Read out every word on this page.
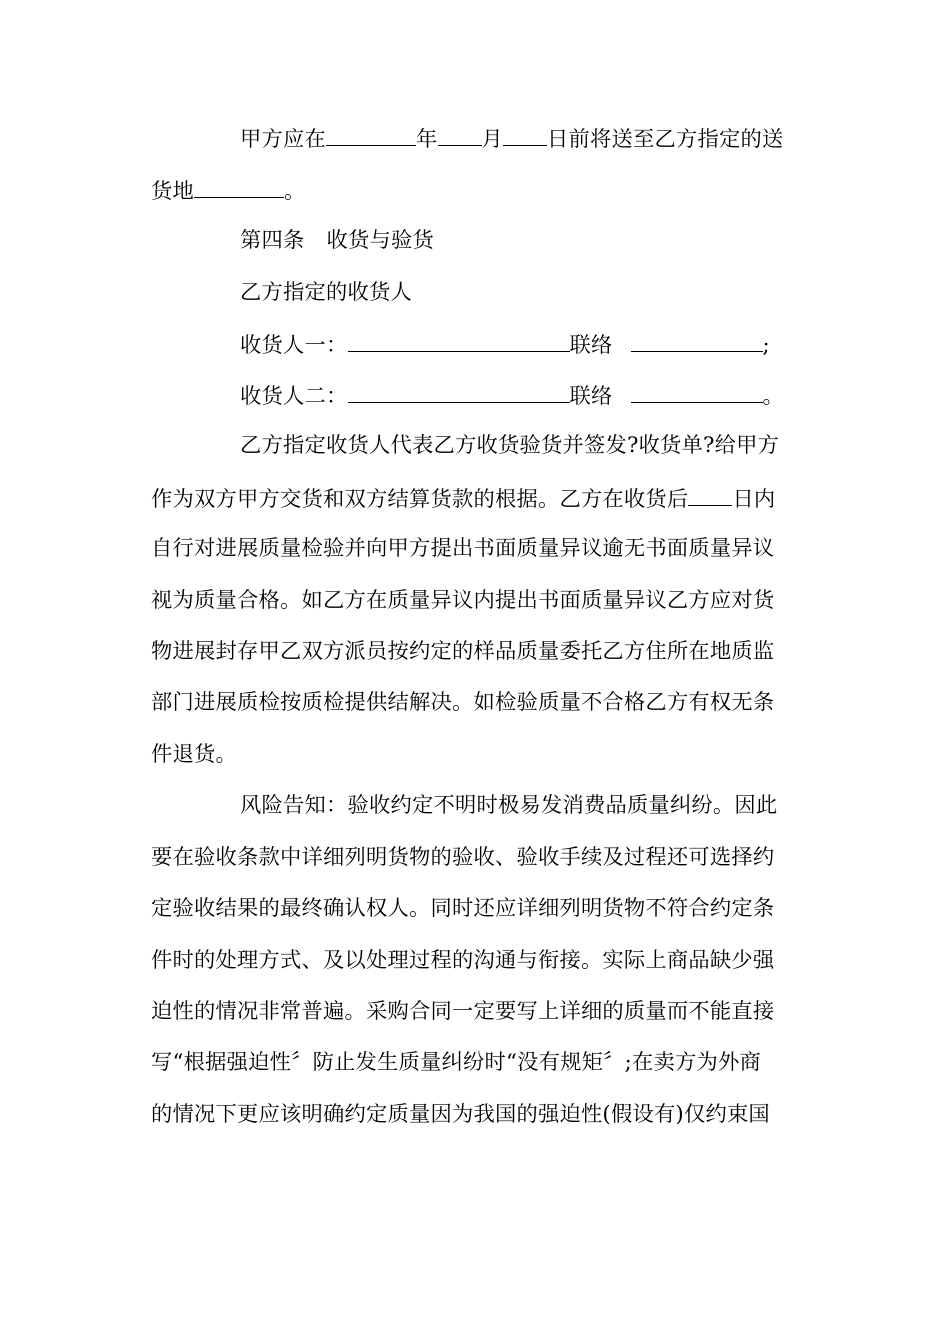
甲方应在	年 月 日前将送至乙方指定的送
货地	。
第四条 收货与验货
乙方指定的收货人
收货人一：	联络	;
收货人二：	联络	。
乙方指定收货人代表乙方收货验货并签发?收货单?给甲方
作为双方甲方交货和双方结算货款的根据。乙方在收货后 日内
自行对进展质量检验并向甲方提出书面质量异议逾无书面质量异议
视为质量合格。如乙方在质量异议内提出书面质量异议乙方应对货
物进展封存甲乙双方派员按约定的样品质量委托乙方住所在地质监
部门进展质检按质检提供结解决。如检验质量不合格乙方有权无条
件退货。
风险告知：验收约定不明时极易发消费品质量纠纷。因此
要在验收条款中详细列明货物的验收、验收手续及过程还可选择约
定验收结果的最终确认权人。同时还应详细列明货物不符合约定条
件时的处理方式、及以处理过程的沟通与衔接。实际上商品缺少强
迫性的情况非常普遍。采购合同一定要写上详细的质量而不能直接
写“根据强迫性〞防止发生质量纠纷时“没有规矩〞;在卖方为外商
的情况下更应该明确约定质量因为我国的强迫性(假设有)仅约束国
